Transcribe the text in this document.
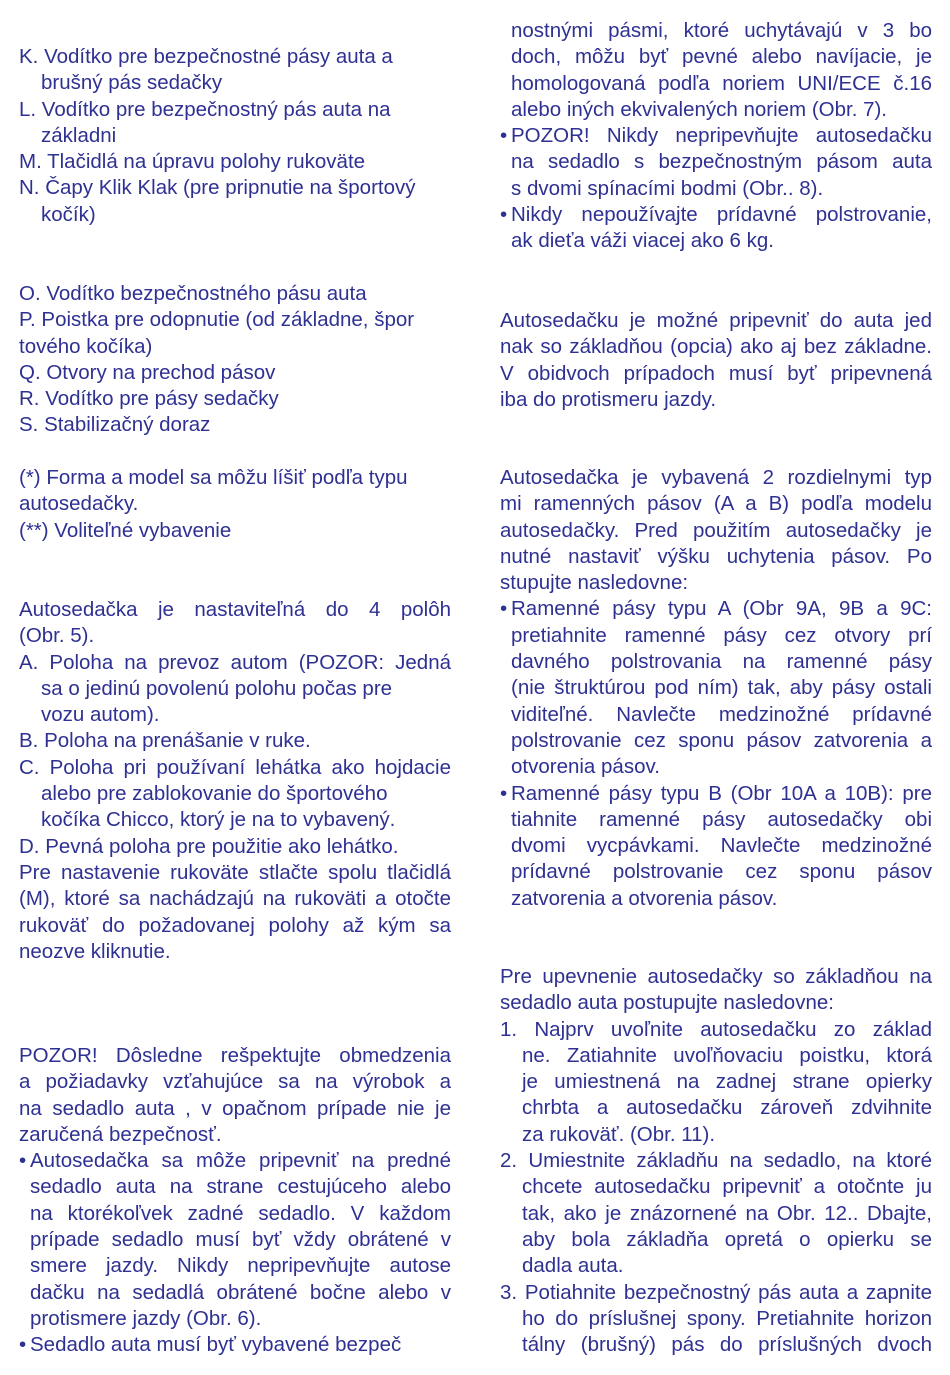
K. Vodítko pre bezpečnostné pásy auta a
brušný pás sedačky
L. Vodítko pre bezpečnostný pás auta na
základni
M. Tlačidlá na úpravu polohy rukoväte
N. Čapy Klik Klak (pre pripnutie na športový
kočík)
O. Vodítko bezpečnostného pásu auta
P. Poistka pre odopnutie (od základne, špor
tového kočíka)
Q. Otvory na prechod pásov
R. Vodítko pre pásy sedačky
S. Stabilizačný doraz
(*) Forma a model sa môžu líšiť podľa typu
autosedačky.
(**) Voliteľné vybavenie
Autosedačka je nastaviteľná do 4 polôh
(Obr. 5).
A. Poloha na prevoz autom (POZOR: Jedná
sa o jedinú povolenú polohu počas pre
vozu autom).
B. Poloha na prenášanie v ruke.
C. Poloha pri používaní lehátka ako hojdacie
alebo pre zablokovanie do športového
kočíka Chicco, ktorý je na to vybavený.
D. Pevná poloha pre použitie ako lehátko.
Pre nastavenie rukoväte stlačte spolu tlačidlá
(M), ktoré sa nachádzajú na rukoväti a otočte
rukoväť do požadovanej polohy až kým sa
neozve kliknutie.
POZOR! Dôsledne rešpektujte obmedzenia
a požiadavky vzťahujúce sa na výrobok a
na sedadlo auta , v opačnom prípade nie je
zaručená bezpečnosť.
• Autosedačka sa môže pripevniť na predné
sedadlo auta na strane cestujúceho alebo
na ktorékoľvek zadné sedadlo. V každom
prípade sedadlo musí byť vždy obrátené v
smere jazdy. Nikdy nepripevňujte autose
dačku na sedadlá obrátené bočne alebo v
protismere jazdy (Obr. 6).
• Sedadlo auta musí byť vybavené bezpeč
nostnými pásmi, ktoré uchytávajú v 3 bo
doch, môžu byť pevné alebo navíjacie, je
homologovaná podľa noriem UNI/ECE č.16
alebo iných ekvivalených noriem (Obr. 7).
• POZOR! Nikdy nepripevňujte autosedačku
na sedadlo s bezpečnostným pásom auta
s dvomi spínacími bodmi (Obr.. 8).
• Nikdy nepoužívajte prídavné polstrovanie,
ak dieťa váži viacej ako 6 kg.
Autosedačku je možné pripevniť do auta jed
nak so základňou (opcia) ako aj bez základne.
V obidvoch prípadoch musí byť pripevnená
iba do protismeru jazdy.
Autosedačka je vybavená 2 rozdielnymi typ
mi ramenných pásov (A a B) podľa modelu
autosedačky. Pred použitím autosedačky je
nutné nastaviť výšku uchytenia pásov. Po
stupujte nasledovne:
• Ramenné pásy typu A (Obr 9A, 9B a 9C:
pretiahnite ramenné pásy cez otvory prí
davného polstrovania na ramenné pásy
(nie štruktúrou pod ním) tak, aby pásy ostali
viditeľné. Navlečte medzinožné prídavné
polstrovanie cez sponu pásov zatvorenia a
otvorenia pásov.
• Ramenné pásy typu B (Obr 10A a 10B): pre
tiahnite ramenné pásy autosedačky obi
dvomi vycpávkami. Navlečte medzinožné
prídavné polstrovanie cez sponu pásov
zatvorenia a otvorenia pásov.
Pre upevnenie autosedačky so základňou na
sedadlo auta postupujte nasledovne:
1. Najprv uvoľnite autosedačku zo základ
ne. Zatiahnite uvoľňovaciu poistku, ktorá
je umiestnená na zadnej strane opierky
chrbta a autosedačku zároveň zdvihnite
za rukoväť. (Obr. 11).
2. Umiestnite základňu na sedadlo, na ktoré
chcete autosedačku pripevniť a otočnte ju
tak, ako je znázornené na Obr. 12.. Dbajte,
aby bola základňa opretá o opierku se
dadla auta.
3. Potiahnite bezpečnostný pás auta a zapnite
ho do príslušnej spony. Pretiahnite horizon
tálny (brušný) pás do príslušných dvoch
